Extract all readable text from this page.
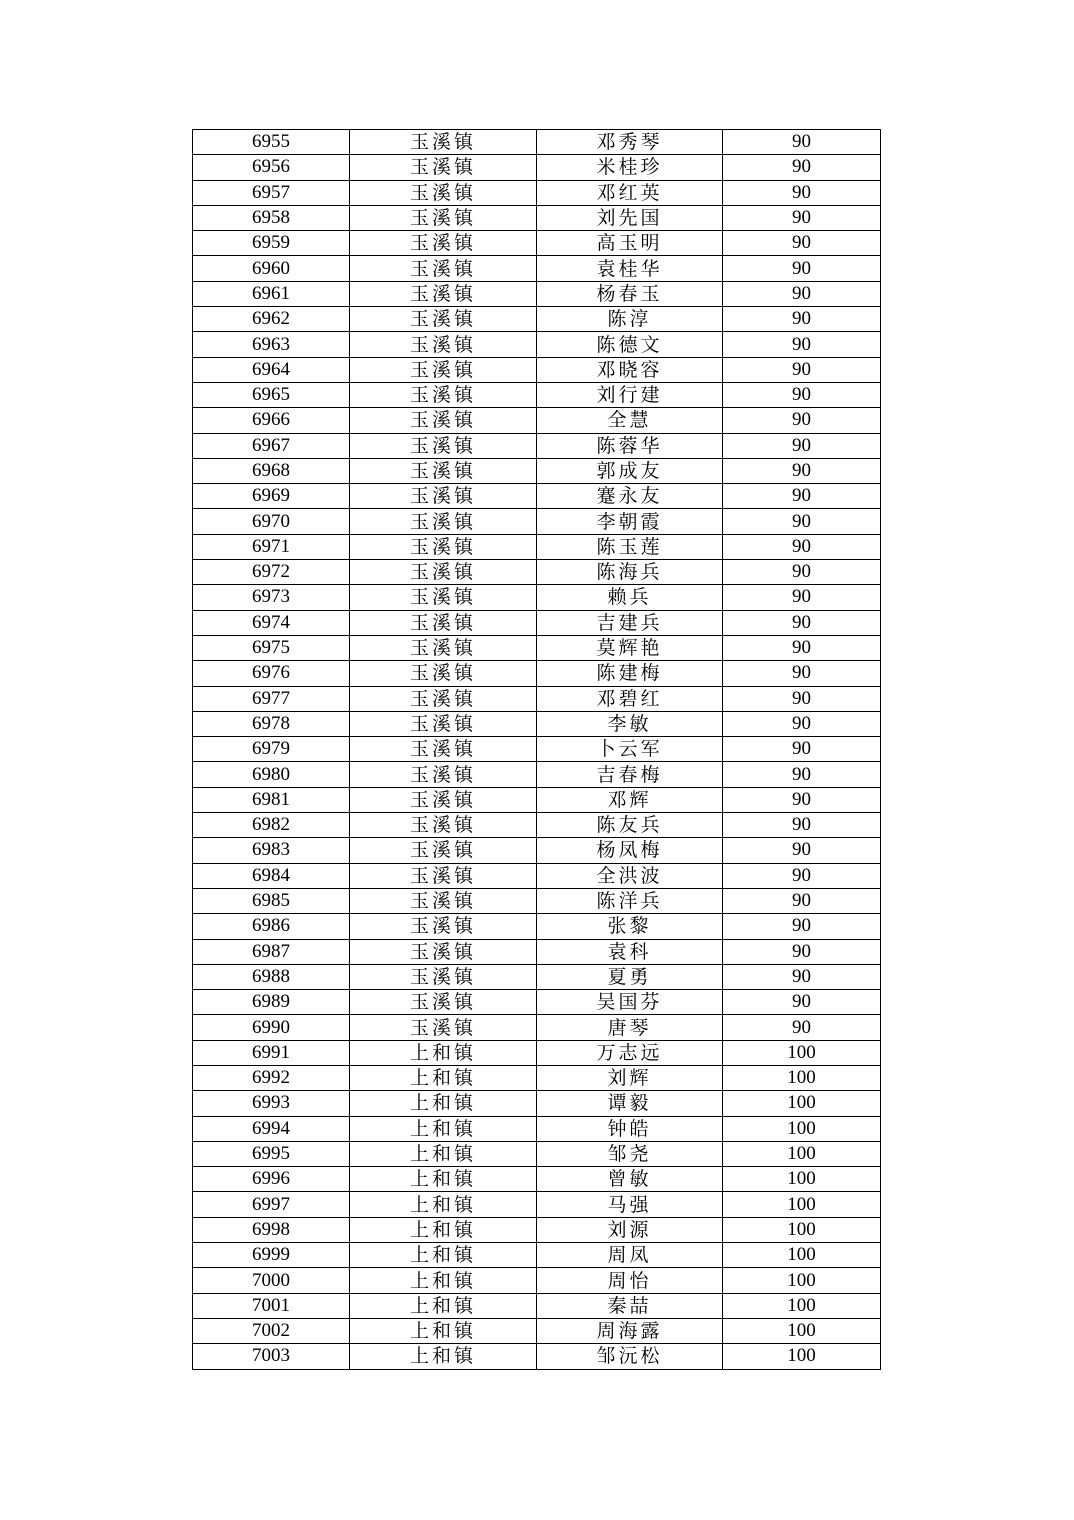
6955	玉溪镇	邓秀琴	90
6956	玉溪镇	米桂珍	90
6957	玉溪镇	邓红英	90
6958	玉溪镇	刘先国	90
6959	玉溪镇	高玉明	90
6960	玉溪镇	袁桂华	90
6961	玉溪镇	杨春玉	90
6962	玉溪镇	陈淳	90
6963	玉溪镇	陈德文	90
6964	玉溪镇	邓晓容	90
6965	玉溪镇	刘行建	90
6966	玉溪镇	全慧	90
6967	玉溪镇	陈蓉华	90
6968	玉溪镇	郭成友	90
6969	玉溪镇	蹇永友	90
6970	玉溪镇	李朝霞	90
6971	玉溪镇	陈玉莲	90
6972	玉溪镇	陈海兵	90
6973	玉溪镇	赖兵	90
6974	玉溪镇	吉建兵	90
6975	玉溪镇	莫辉艳	90
6976	玉溪镇	陈建梅	90
6977	玉溪镇	邓碧红	90
6978	玉溪镇	李敏	90
6979	玉溪镇	卜云军	90
6980	玉溪镇	吉春梅	90
6981	玉溪镇	邓辉	90
6982	玉溪镇	陈友兵	90
6983	玉溪镇	杨凤梅	90
6984	玉溪镇	全洪波	90
6985	玉溪镇	陈洋兵	90
6986	玉溪镇	张黎	90
6987	玉溪镇	袁科	90
6988	玉溪镇	夏勇	90
6989	玉溪镇	吴国芬	90
6990	玉溪镇	唐琴	90
6991	上和镇	万志远	100
6992	上和镇	刘辉	100
6993	上和镇	谭毅	100
6994	上和镇	钟皓	100
6995	上和镇	邹尧	100
6996	上和镇	曾敏	100
6997	上和镇	马强	100
6998	上和镇	刘源	100
6999	上和镇	周凤	100
7000	上和镇	周怡	100
7001	上和镇	秦喆	100
7002	上和镇	周海露	100
7003	上和镇	邹沅松	100
